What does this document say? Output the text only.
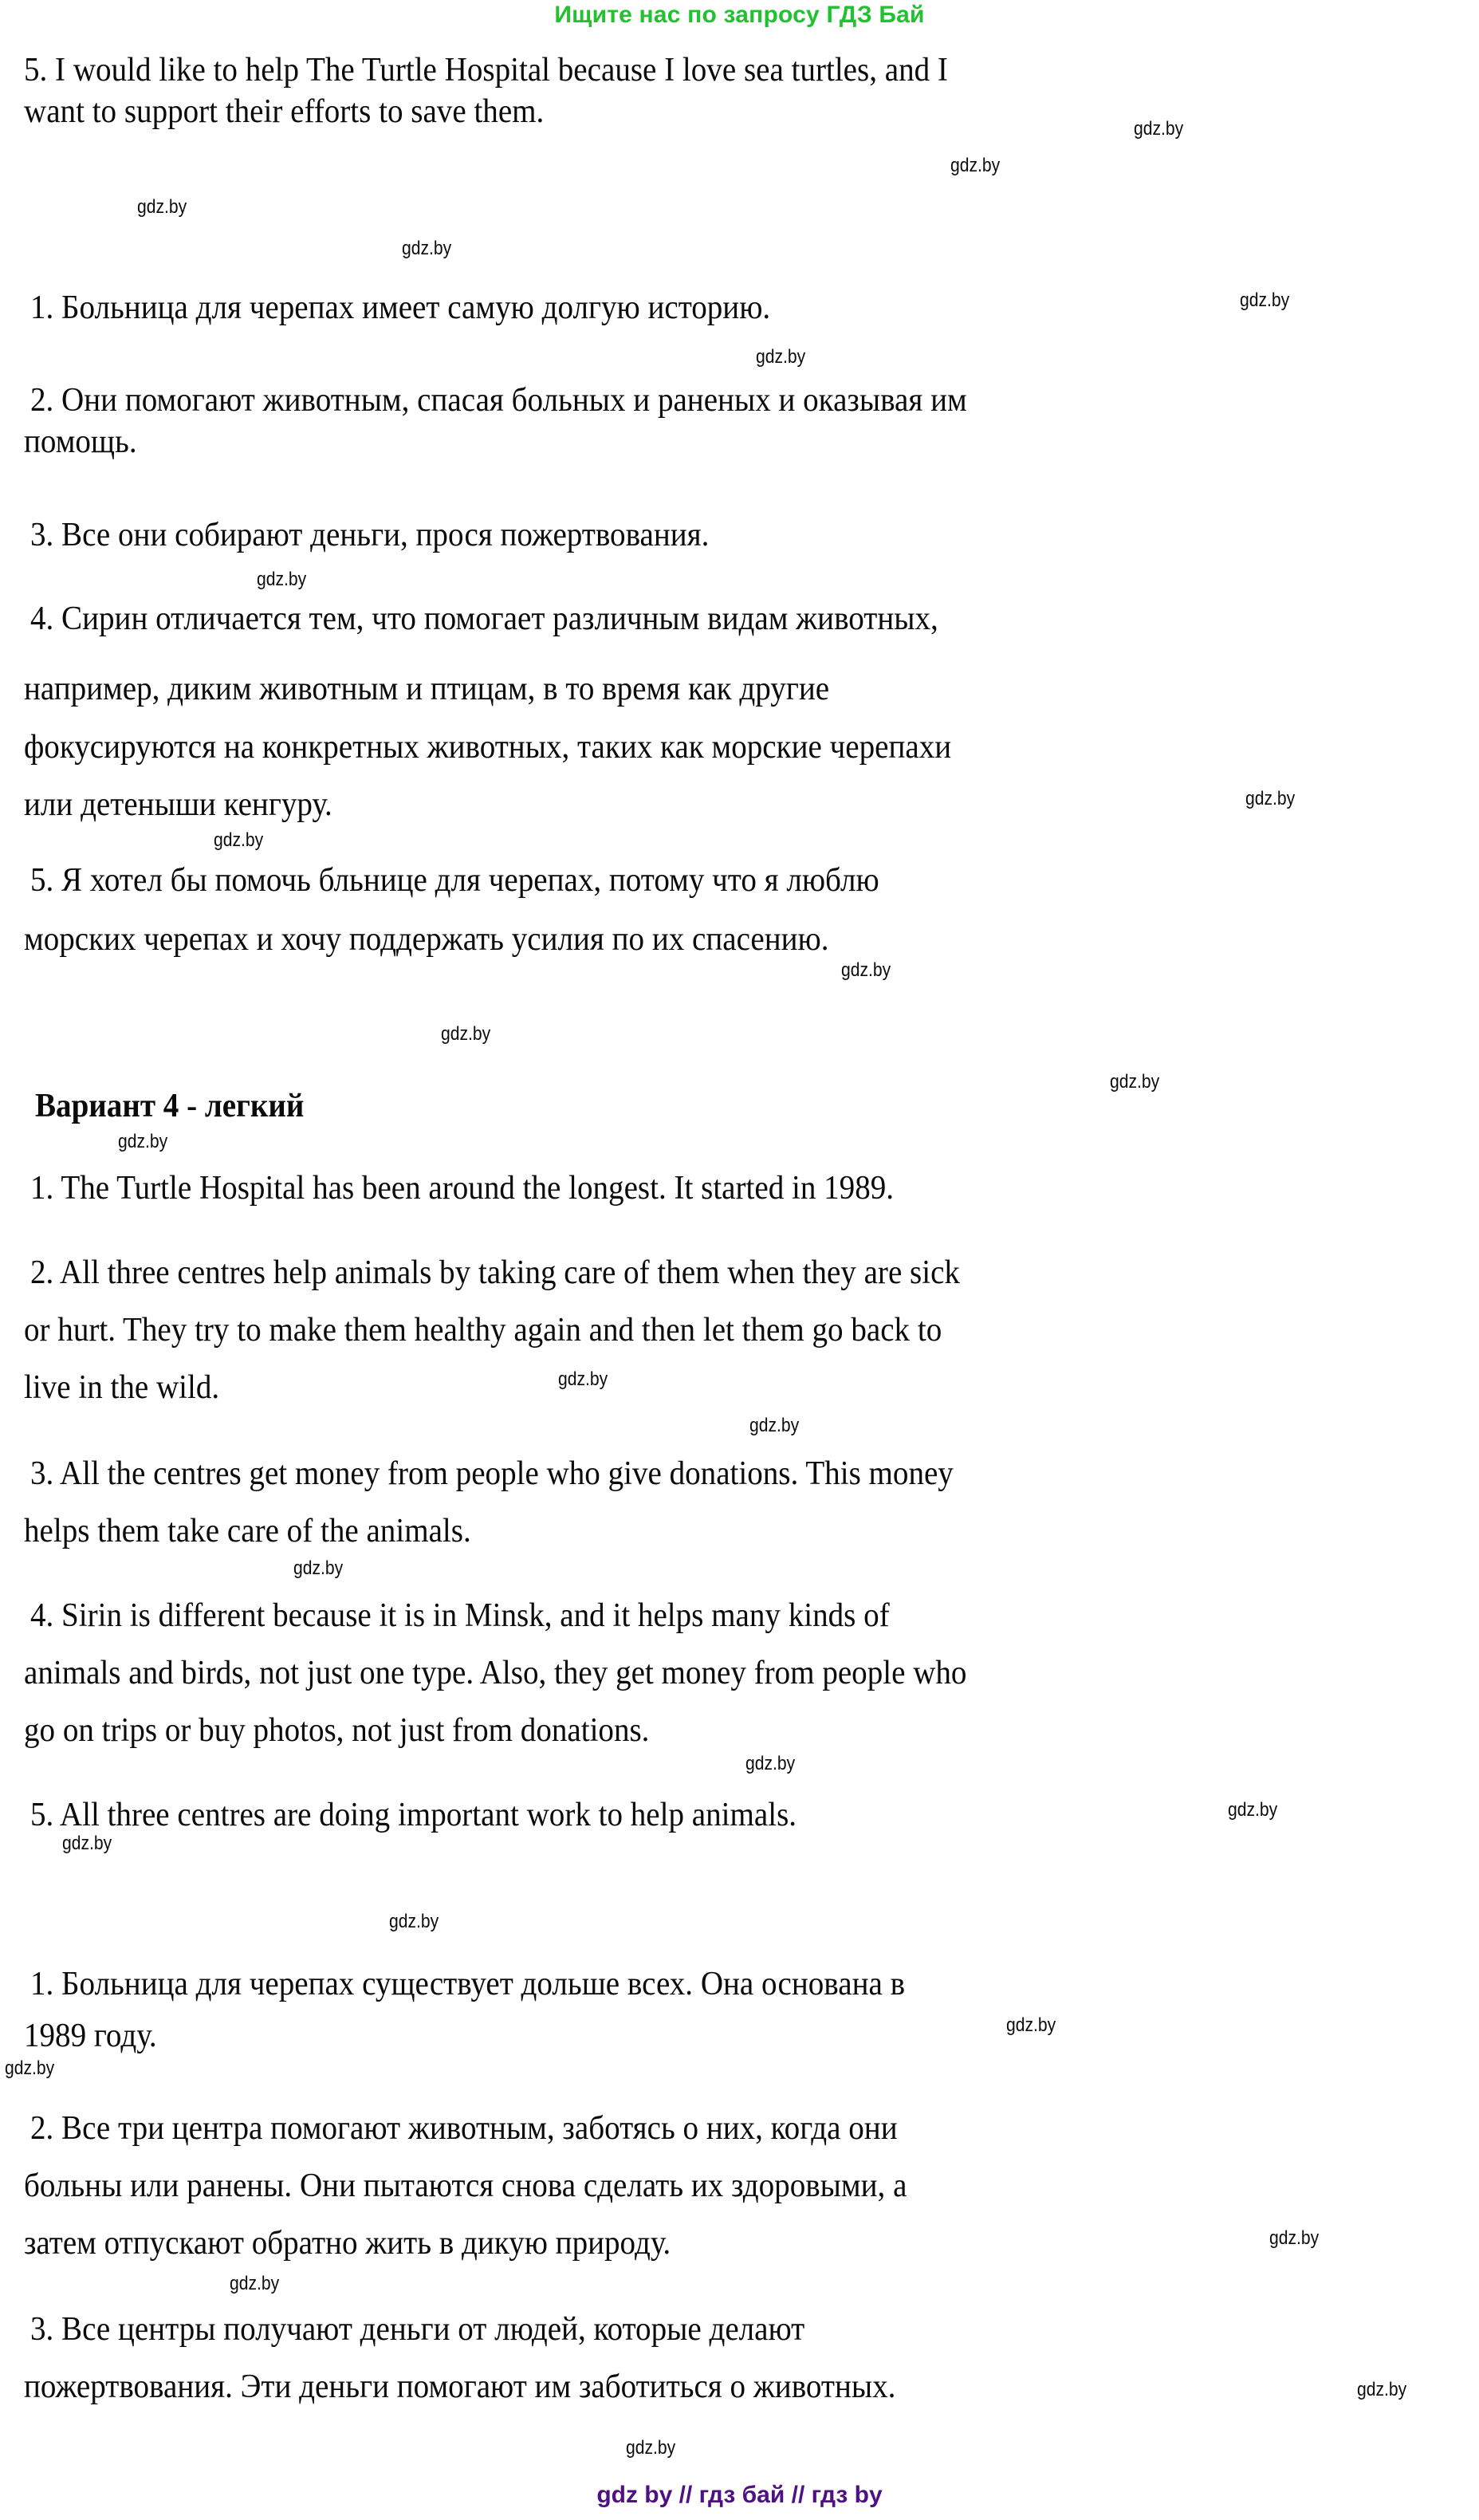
Ищите нас по запросу ГДЗ Бай
5. I would like to help The Turtle Hospital because I love sea turtles, and I
want to support their efforts to save them.
1. Больница для черепах имеет самую долгую историю.
2. Они помогают животным, спасая больных и раненых и оказывая им
помощь.
3. Все они собирают деньги, прося пожертвования.
4. Сирин отличается тем, что помогает различным видам животных,
например, диким животным и птицам, в то время как другие
фокусируются на конкретных животных, таких как морские черепахи
или детеныши кенгуру.
5. Я хотел бы помочь бльнице для черепах, потому что я люблю
морских черепах и хочу поддержать усилия по их спасению.
Вариант 4 - легкий
1. The Turtle Hospital has been around the longest. It started in 1989.
2. All three centres help animals by taking care of them when they are sick
or hurt. They try to make them healthy again and then let them go back to
live in the wild.
3. All the centres get money from people who give donations. This money
helps them take care of the animals.
4. Sirin is different because it is in Minsk, and it helps many kinds of
animals and birds, not just one type. Also, they get money from people who
go on trips or buy photos, not just from donations.
5. All three centres are doing important work to help animals.
1. Больница для черепах существует дольше всех. Она основана в
1989 году.
2. Все три центра помогают животным, заботясь о них, когда они
больны или ранены. Они пытаются снова сделать их здоровыми, а
затем отпускают обратно жить в дикую природу.
3. Все центры получают деньги от людей, которые делают
пожертвования. Эти деньги помогают им заботиться о животных.
gdz.by
gdz.by
gdz.by
gdz.by
gdz.by
gdz.by
gdz.by
gdz.by
gdz.by
gdz.by
gdz.by
gdz.by
gdz.by
gdz.by
gdz.by
gdz.by
gdz.by
gdz.by
gdz.by
gdz.by
gdz.by
gdz.by
gdz.by
gdz.by
gdz.by
gdz.by
gdz by // гдз бай // гдз by
